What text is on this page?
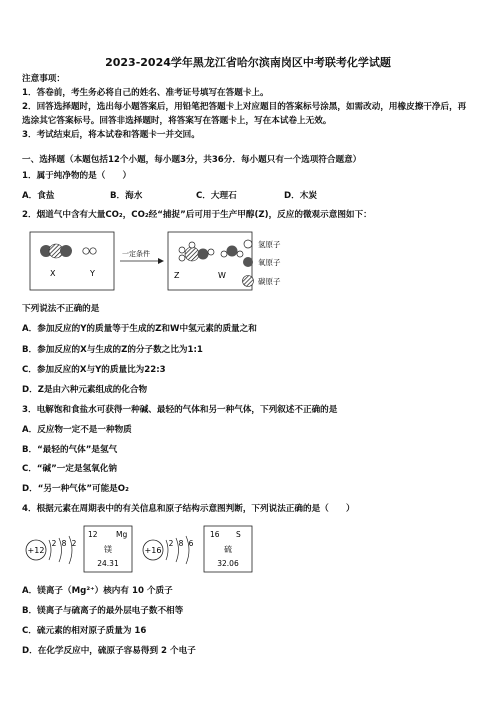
2023-2024学年黑龙江省哈尔滨南岗区中考联考化学试题
注意事项：
1．答卷前，考生务必将自己的姓名、准考证号填写在答题卡上。
2．回答选择题时，选出每小题答案后，用铅笔把答题卡上对应题目的答案标号涂黑，如需改动，用橡皮擦干净后，再
选涂其它答案标号。回答非选择题时，将答案写在答题卡上，写在本试卷上无效。
3．考试结束后，将本试卷和答题卡一并交回。
一、选择题（本题包括12个小题，每小题3分，共36分．每小题只有一个选项符合题意）
1．属于纯净物的是（　　）
A．食盐	B．海水	C．大理石	D．木炭
2．烟道气中含有大量CO₂，CO₂经“捕捉”后可用于生产甲醇(Z)，反应的微观示意图如下：
X	Y
一定条件
Z	W
氢原子
氧原子
碳原子
下列说法不正确的是
A．参加反应的Y的质量等于生成的Z和W中氢元素的质量之和
B．参加反应的X与生成的Z的分子数之比为1:1
C．参加反应的X与Y的质量比为22:3
D．Z是由六种元素组成的化合物
3．电解饱和食盐水可获得一种碱、最轻的气体和另一种气体，下列叙述不正确的是
A．反应物一定不是一种物质
B．“最轻的气体”是氢气
C．“碱”一定是氢氧化钠
D．“另一种气体”可能是O₂
4．根据元素在周期表中的有关信息和原子结构示意图判断，下列说法正确的是（　　）
+12
2 8 2
12 Mg
镁
24.31
+16
2 8 6
16 S
硫
32.06
A．镁离子（Mg²⁺）核内有 10 个质子
B．镁离子与硫离子的最外层电子数不相等
C．硫元素的相对原子质量为 16
D．在化学反应中，硫原子容易得到 2 个电子
